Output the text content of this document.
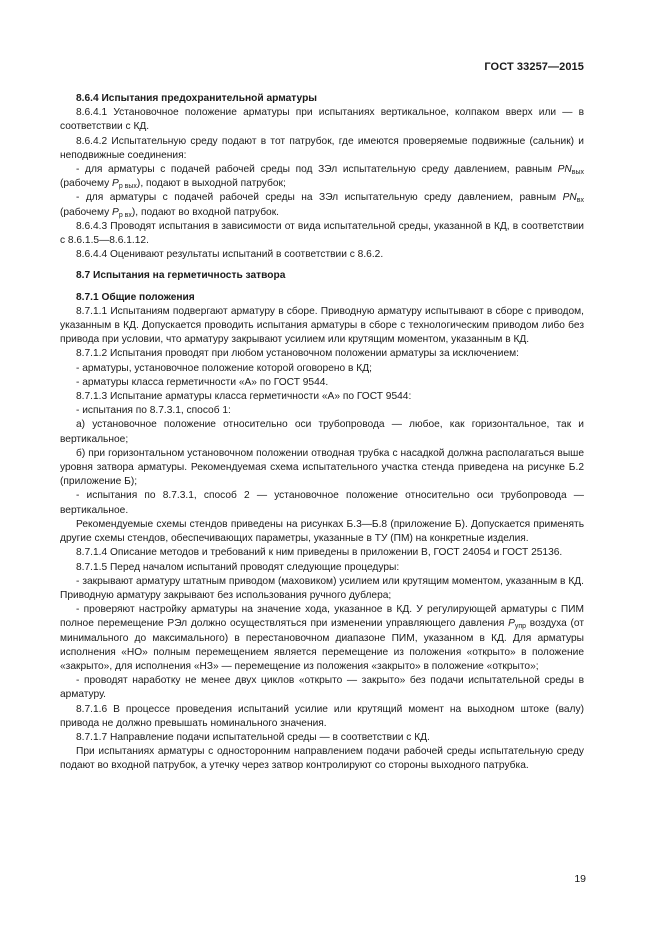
ГОСТ 33257—2015

8.6.4 Испытания предохранительной арматуры

8.6.4.1 Установочное положение арматуры при испытаниях вертикальное, колпаком вверх или — в соответствии с КД.

8.6.4.2 Испытательную среду подают в тот патрубок, где имеются проверяемые подвижные (сальник) и неподвижные соединения:

- для арматуры с подачей рабочей среды под ЗЭл испытательную среду давлением, равным $PN_{вых}$ (рабочему $P_{р вых}$), подают в выходной патрубок;

- для арматуры с подачей рабочей среды на ЗЭл испытательную среду давлением, равным $PN_{вх}$ (рабочему $P_{р вх}$), подают во входной патрубок.

8.6.4.3 Проводят испытания в зависимости от вида испытательной среды, указанной в КД, в соответствии с 8.6.1.5—8.6.1.12.

8.6.4.4 Оценивают результаты испытаний в соответствии с 8.6.2.

8.7 Испытания на герметичность затвора

8.7.1 Общие положения

8.7.1.1 Испытаниям подвергают арматуру в сборе. Приводную арматуру испытывают в сборе с приводом, указанным в КД. Допускается проводить испытания арматуры в сборе с технологическим приводом либо без привода при условии, что арматуру закрывают усилием или крутящим моментом, указанным в КД.

8.7.1.2 Испытания проводят при любом установочном положении арматуры за исключением:

- арматуры, установочное положение которой оговорено в КД;

- арматуры класса герметичности «А» по ГОСТ 9544.

8.7.1.3 Испытание арматуры класса герметичности «А» по ГОСТ 9544:

- испытания по 8.7.3.1, способ 1:

а) установочное положение относительно оси трубопровода — любое, как горизонтальное, так и вертикальное;

б) при горизонтальном установочном положении отводная трубка с насадкой должна располагаться выше уровня затвора арматуры. Рекомендуемая схема испытательного участка стенда приведена на рисунке Б.2 (приложение Б);

- испытания по 8.7.3.1, способ 2 — установочное положение относительно оси трубопровода — вертикальное.

Рекомендуемые схемы стендов приведены на рисунках Б.3—Б.8 (приложение Б). Допускается применять другие схемы стендов, обеспечивающих параметры, указанные в ТУ (ПМ) на конкретные изделия.

8.7.1.4 Описание методов и требований к ним приведены в приложении В, ГОСТ 24054 и ГОСТ 25136.

8.7.1.5 Перед началом испытаний проводят следующие процедуры:

- закрывают арматуру штатным приводом (маховиком) усилием или крутящим моментом, указанным в КД. Приводную арматуру закрывают без использования ручного дублера;

- проверяют настройку арматуры на значение хода, указанное в КД. У регулирующей арматуры с ПИМ полное перемещение РЭл должно осуществляться при изменении управляющего давления $P_{упр}$ воздуха (от минимального до максимального) в перестановочном диапазоне ПИМ, указанном в КД. Для арматуры исполнения «НО» полным перемещением является перемещение из положения «открыто» в положение «закрыто», для исполнения «НЗ» — перемещение из положения «закрыто» в положение «открыто»;

- проводят наработку не менее двух циклов «открыто — закрыто» без подачи испытательной среды в арматуру.

8.7.1.6 В процессе проведения испытаний усилие или крутящий момент на выходном штоке (валу) привода не должно превышать номинального значения.

8.7.1.7 Направление подачи испытательной среды — в соответствии с КД.

При испытаниях арматуры с односторонним направлением подачи рабочей среды испытательную среду подают во входной патрубок, а утечку через затвор контролируют со стороны выходного патрубка.

19
